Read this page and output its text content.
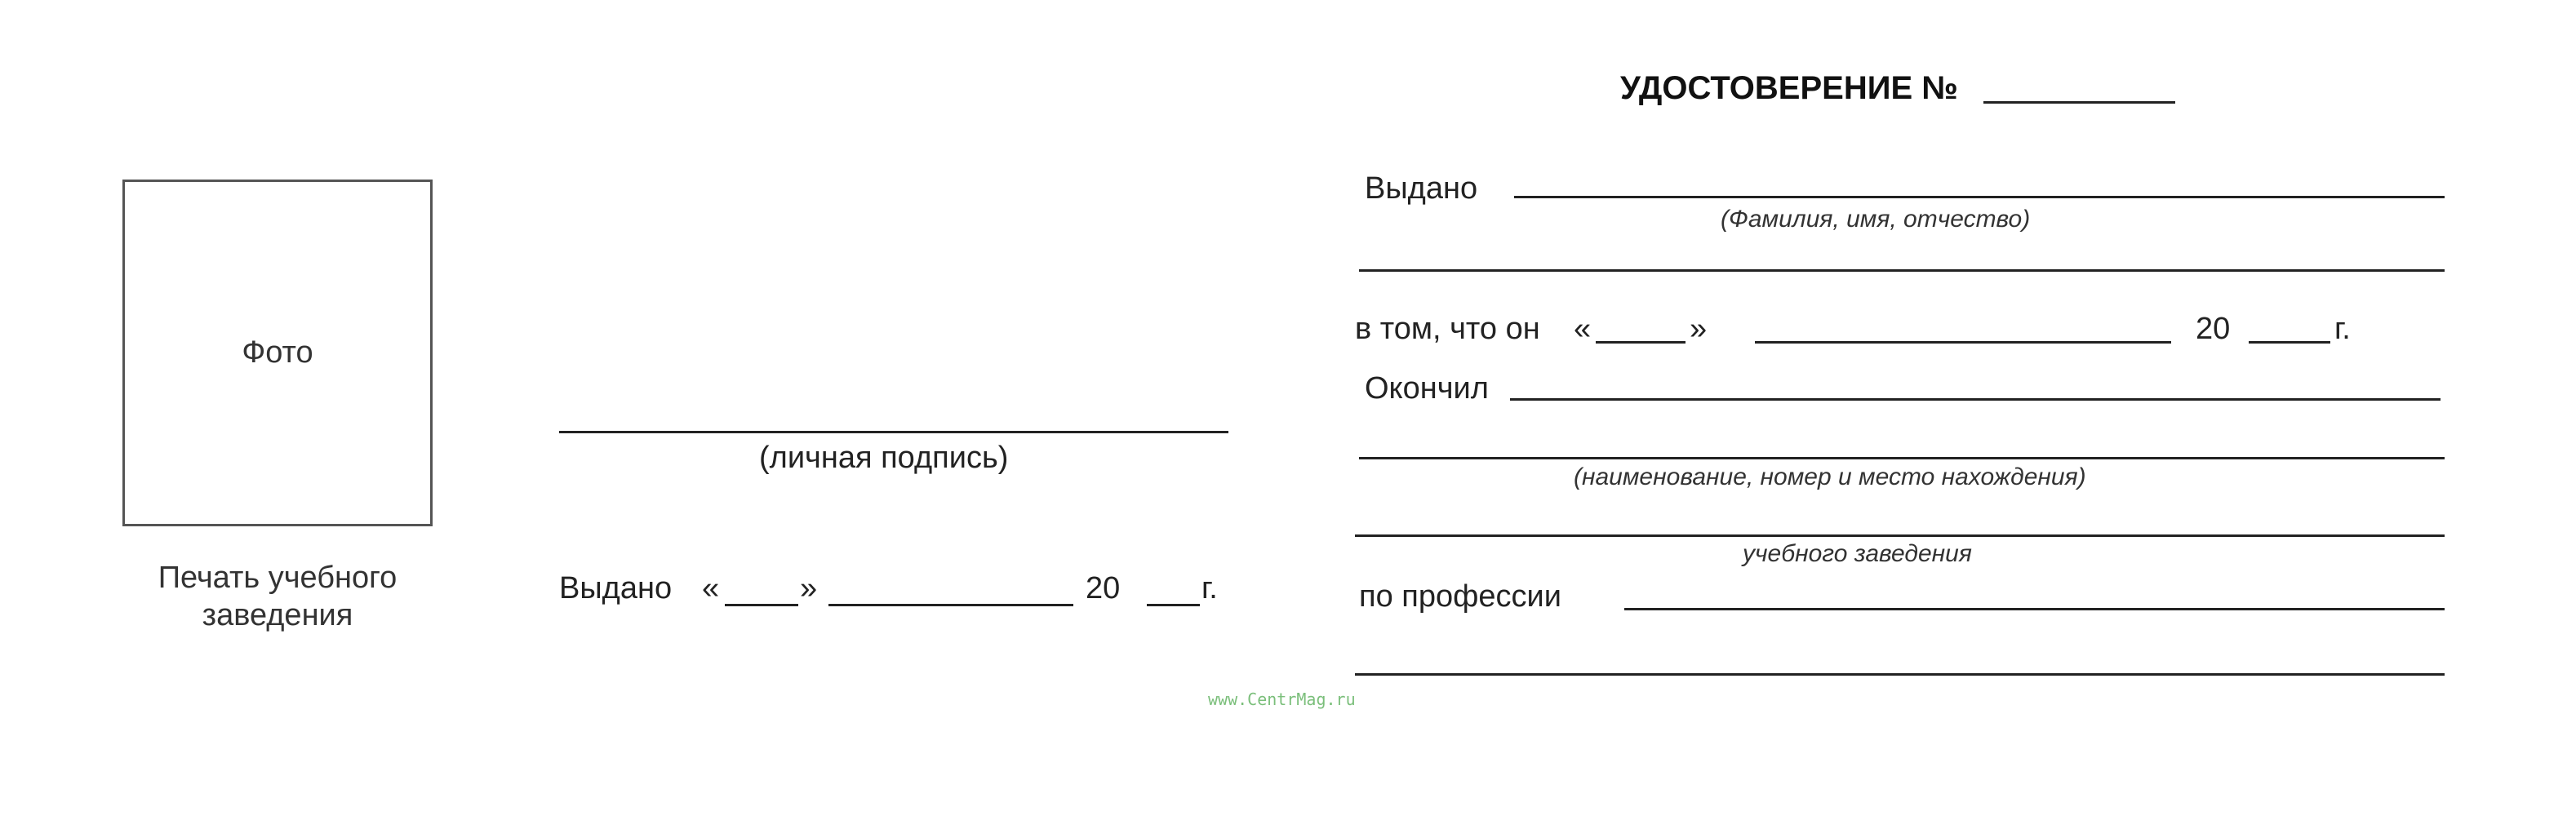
Фото
Печать учебного заведения
(личная подпись)
Выдано «	»	20	г.
УДОСТОВЕРЕНИЕ №
Выдано
(Фамилия, имя, отчество)
в том, что он «	»	20	г.
Окончил
(наименование, номер и место нахождения)
учебного заведения
по профессии
www.CentrMag.ru
